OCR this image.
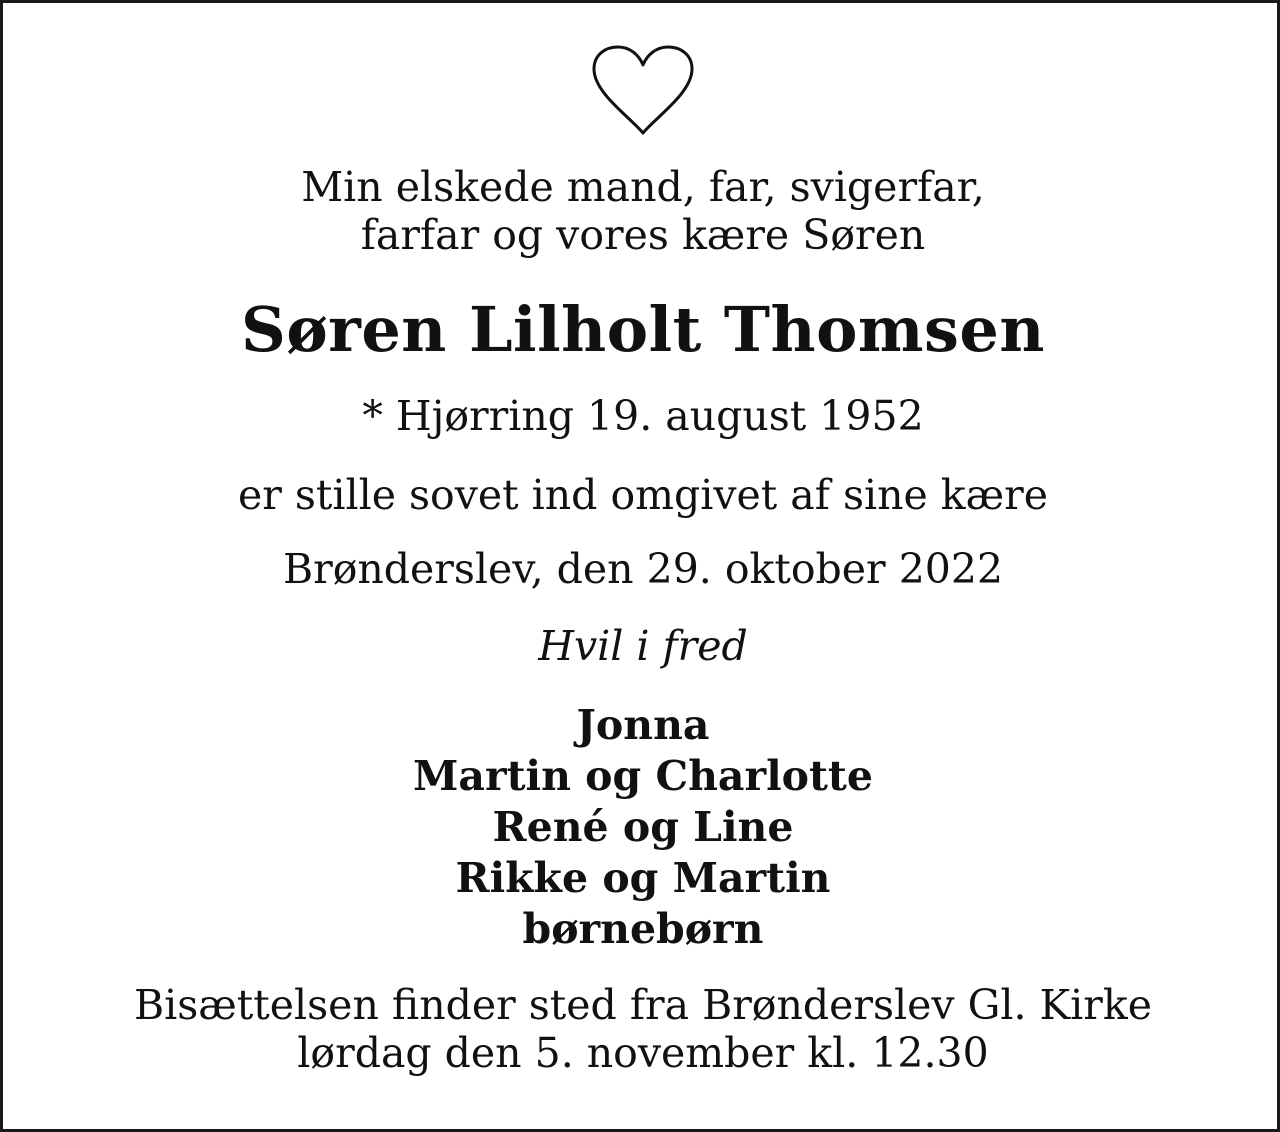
Min elskede mand, far, svigerfar,
farfar og vores kære Søren
Søren Lilholt Thomsen
* Hjørring 19. august 1952
er stille sovet ind omgivet af sine kære
Brønderslev, den 29. oktober 2022
Hvil i fred
Jonna
Martin og Charlotte
René og Line
Rikke og Martin
børnebørn
Bisættelsen finder sted fra Brønderslev Gl. Kirke
lørdag den 5. november kl. 12.30
